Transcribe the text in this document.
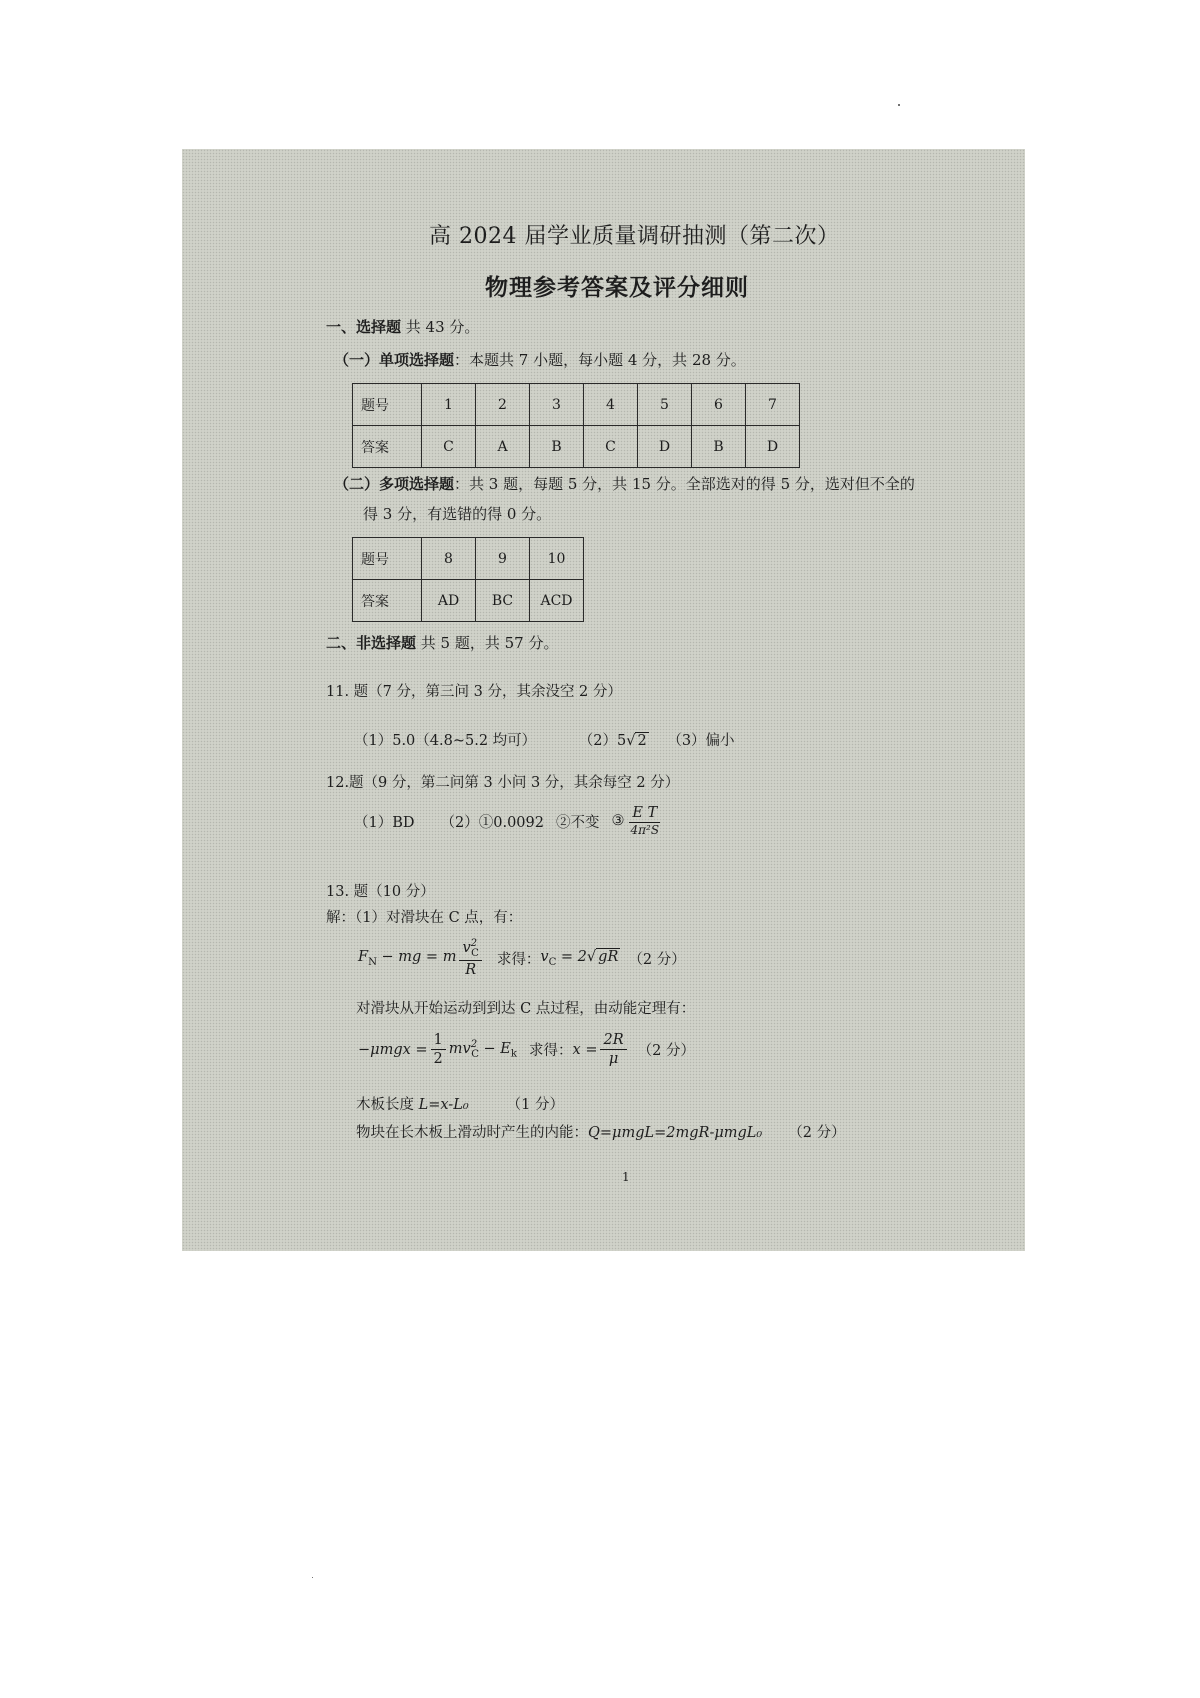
高 2024 届学业质量调研抽测（第二次）
物理参考答案及评分细则
一、选择题 共 43 分。
（一）单项选择题：本题共 7 小题，每小题 4 分，共 28 分。
题号	1	2	3	4	5	6	7
答案	C	A	B	C	D	B	D
（二）多项选择题：共 3 题，每题 5 分，共 15 分。全部选对的得 5 分，选对但不全的
得 3 分，有选错的得 0 分。
题号	8	9	10
答案	AD	BC	ACD
二、非选择题 共 5 题，共 57 分。
11. 题（7 分，第三问 3 分，其余没空 2 分）
（1）5.0（4.8~5.2 均可）	（2）5√ 2 （3）偏小
12.题（9 分，第二问第 3 小问 3 分，其余每空 2 分）
（1）BD （2）①0.0092 ②不变 ③ $\frac{\text{E T}}{\text{4π²S}}$
13. 题（10 分）
解：（1）对滑块在 C 点，有：
$F_N$ − mg = m $\frac{v^2_C}{R}$ 求得： $v_C = 2√$ gR （2 分）
对滑块从开始运动到到达 C 点过程，由动能定理有：
$-\mu mgx = \frac{1}{2} mv^2_C - E_k$ 求得： $x = \frac{2R}{\mu} (2$ 分）
木板长度 L=x-L₀	（1 分）
物块在长木板上滑动时产生的内能：Q=μmgL=2mgR-μmgL₀ （2 分）
1
